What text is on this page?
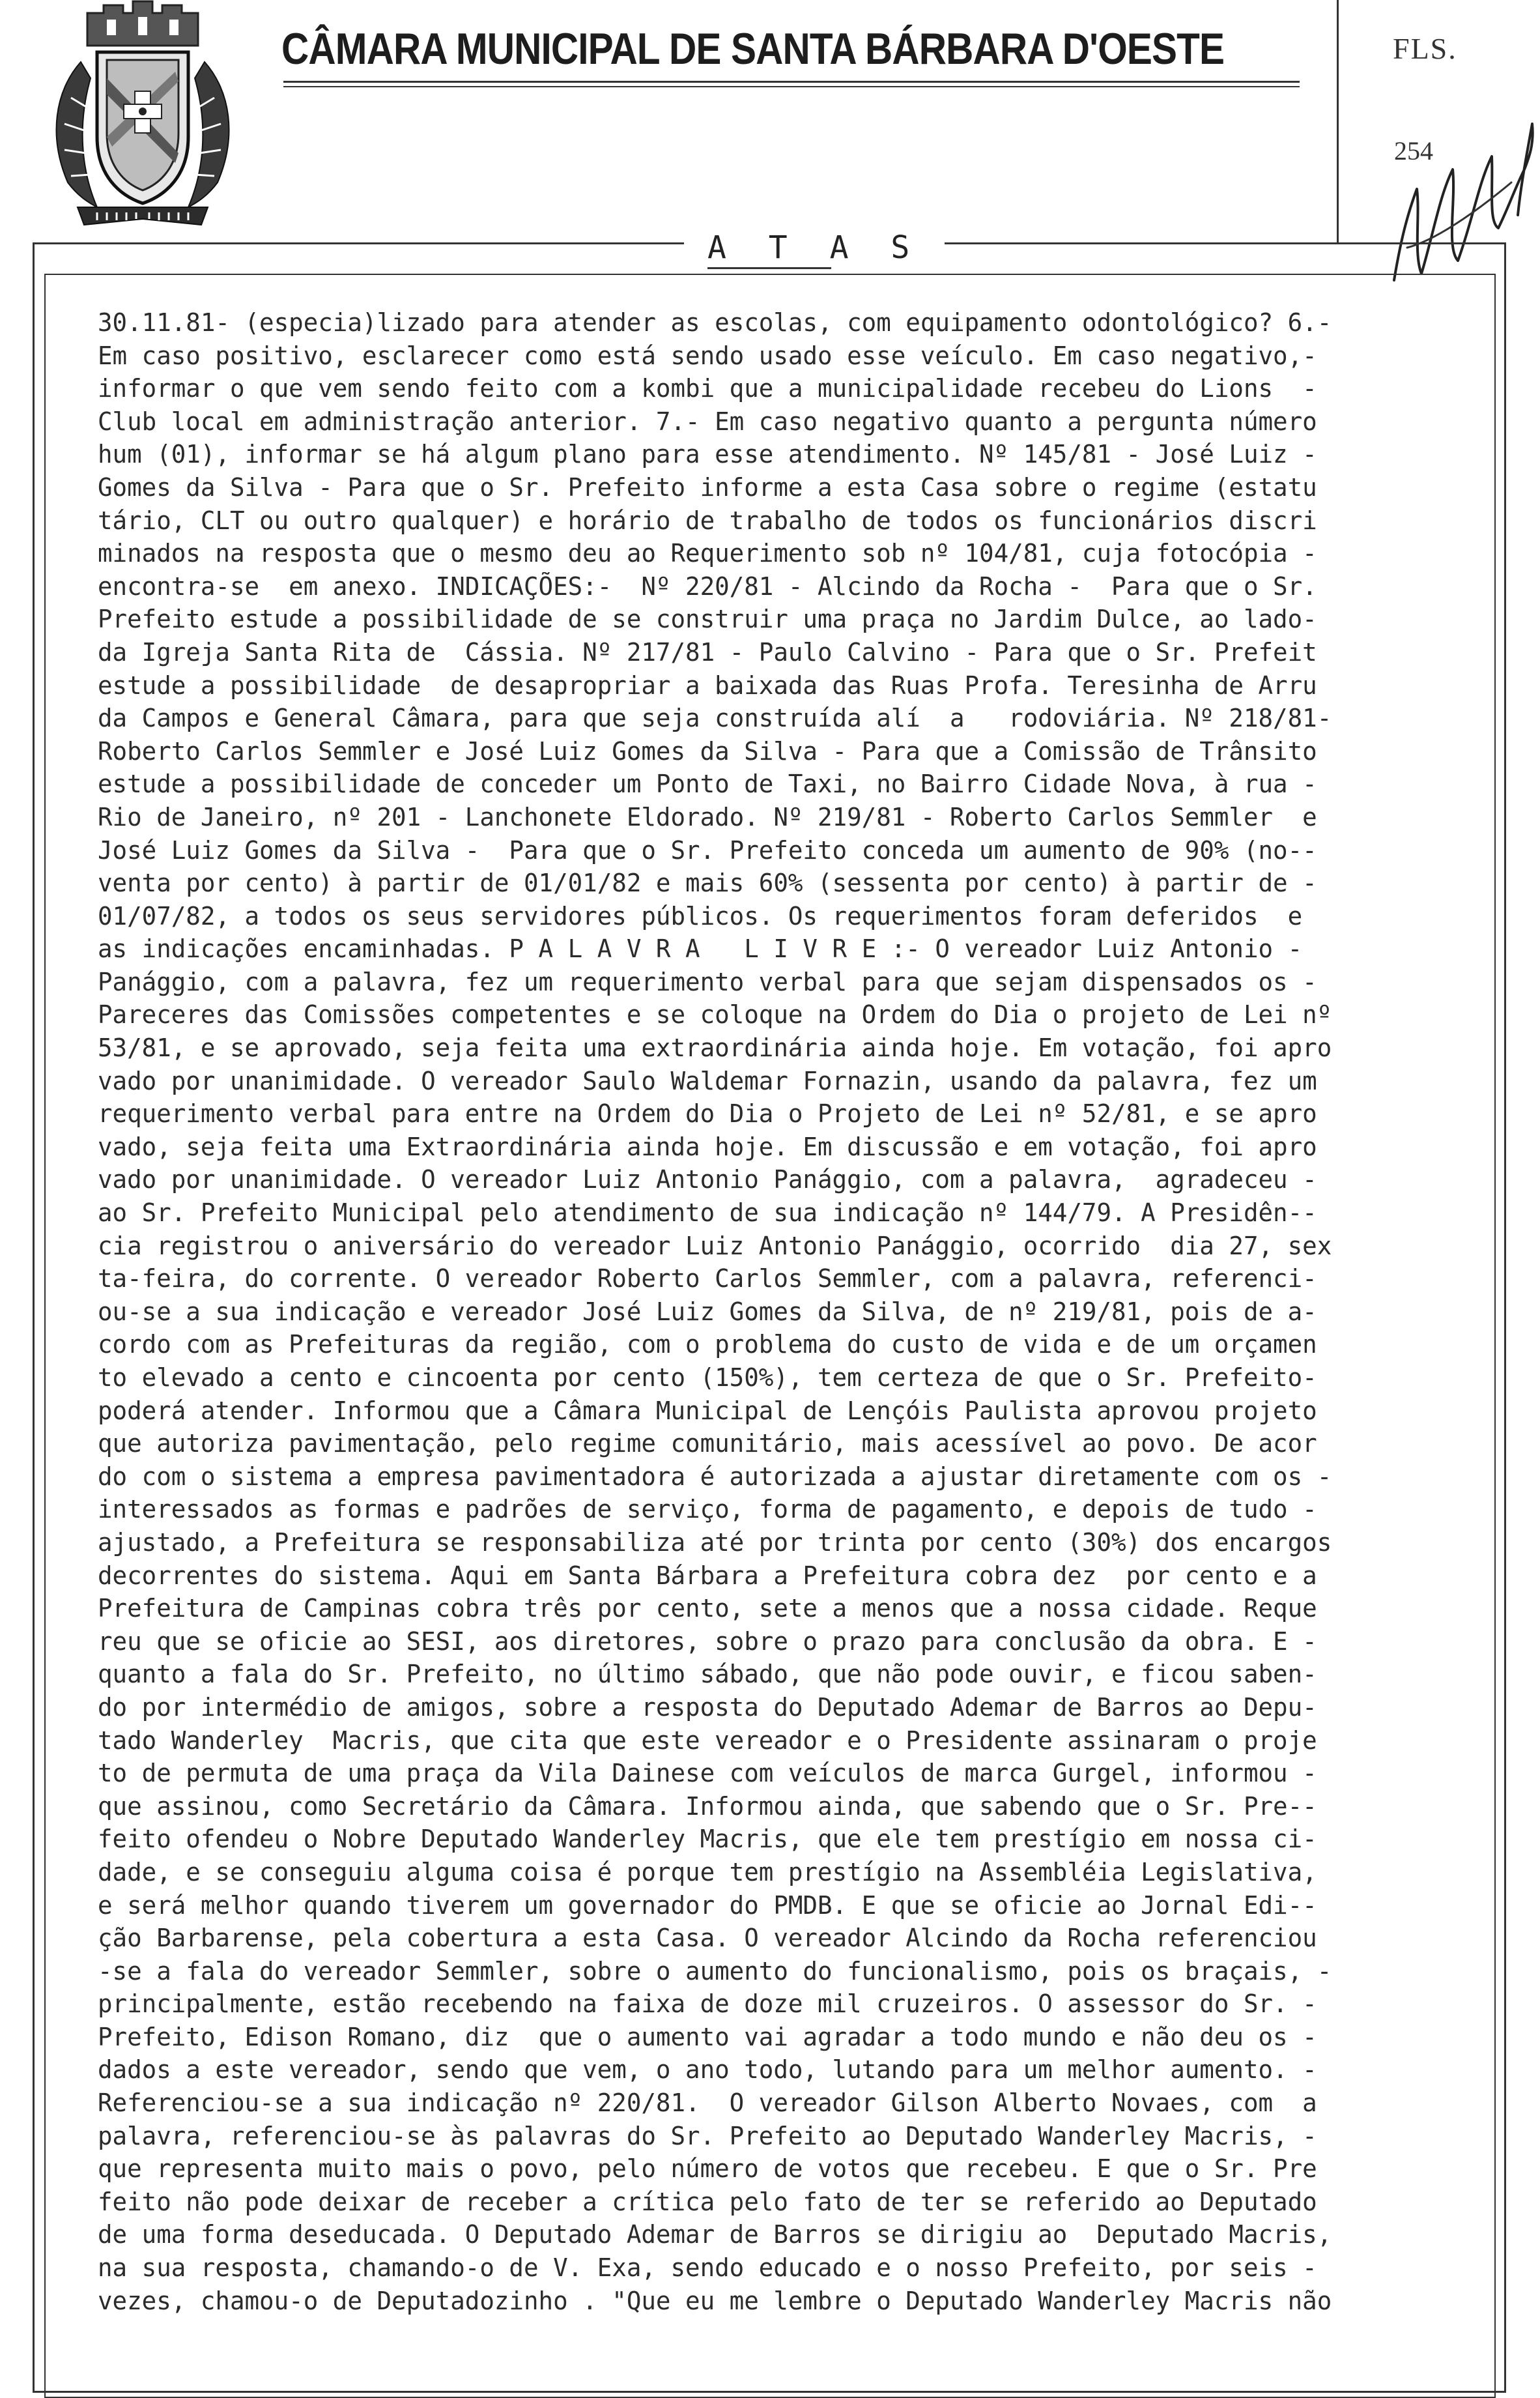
CÂMARA MUNICIPAL DE SANTA BÁRBARA D'OESTE	FLS.
254
A T A S
30.11.81- (especia)lizado para atender as escolas, com equipamento odontológico? 6.-
Em caso positivo, esclarecer como está sendo usado esse veículo. Em caso negativo,-
informar o que vem sendo feito com a kombi que a municipalidade recebeu do Lions  -
Club local em administração anterior. 7.- Em caso negativo quanto a pergunta número
hum (01), informar se há algum plano para esse atendimento. Nº 145/81 - José Luiz -
Gomes da Silva - Para que o Sr. Prefeito informe a esta Casa sobre o regime (estatu
tário, CLT ou outro qualquer) e horário de trabalho de todos os funcionários discri
minados na resposta que o mesmo deu ao Requerimento sob nº 104/81, cuja fotocópia -
encontra-se  em anexo. INDICAÇÕES:-  Nº 220/81 - Alcindo da Rocha -  Para que o Sr.
Prefeito estude a possibilidade de se construir uma praça no Jardim Dulce, ao lado-
da Igreja Santa Rita de  Cássia. Nº 217/81 - Paulo Calvino - Para que o Sr. Prefeit
estude a possibilidade  de desapropriar a baixada das Ruas Profa. Teresinha de Arru
da Campos e General Câmara, para que seja construída alí  a   rodoviária. Nº 218/81-
Roberto Carlos Semmler e José Luiz Gomes da Silva - Para que a Comissão de Trânsito
estude a possibilidade de conceder um Ponto de Taxi, no Bairro Cidade Nova, à rua -
Rio de Janeiro, nº 201 - Lanchonete Eldorado. Nº 219/81 - Roberto Carlos Semmler  e
José Luiz Gomes da Silva -  Para que o Sr. Prefeito conceda um aumento de 90% (no--
venta por cento) à partir de 01/01/82 e mais 60% (sessenta por cento) à partir de -
01/07/82, a todos os seus servidores públicos. Os requerimentos foram deferidos  e
as indicações encaminhadas. P A L A V R A   L I V R E :- O vereador Luiz Antonio -
Panággio, com a palavra, fez um requerimento verbal para que sejam dispensados os -
Pareceres das Comissões competentes e se coloque na Ordem do Dia o projeto de Lei nº
53/81, e se aprovado, seja feita uma extraordinária ainda hoje. Em votação, foi apro
vado por unanimidade. O vereador Saulo Waldemar Fornazin, usando da palavra, fez um
requerimento verbal para entre na Ordem do Dia o Projeto de Lei nº 52/81, e se apro
vado, seja feita uma Extraordinária ainda hoje. Em discussão e em votação, foi apro
vado por unanimidade. O vereador Luiz Antonio Panággio, com a palavra,  agradeceu -
ao Sr. Prefeito Municipal pelo atendimento de sua indicação nº 144/79. A Presidên--
cia registrou o aniversário do vereador Luiz Antonio Panággio, ocorrido  dia 27, sex
ta-feira, do corrente. O vereador Roberto Carlos Semmler, com a palavra, referenci-
ou-se a sua indicação e vereador José Luiz Gomes da Silva, de nº 219/81, pois de a-
cordo com as Prefeituras da região, com o problema do custo de vida e de um orçamen
to elevado a cento e cincoenta por cento (150%), tem certeza de que o Sr. Prefeito-
poderá atender. Informou que a Câmara Municipal de Lençóis Paulista aprovou projeto
que autoriza pavimentação, pelo regime comunitário, mais acessível ao povo. De acor
do com o sistema a empresa pavimentadora é autorizada a ajustar diretamente com os -
interessados as formas e padrões de serviço, forma de pagamento, e depois de tudo -
ajustado, a Prefeitura se responsabiliza até por trinta por cento (30%) dos encargos
decorrentes do sistema. Aqui em Santa Bárbara a Prefeitura cobra dez  por cento e a
Prefeitura de Campinas cobra três por cento, sete a menos que a nossa cidade. Reque
reu que se oficie ao SESI, aos diretores, sobre o prazo para conclusão da obra. E -
quanto a fala do Sr. Prefeito, no último sábado, que não pode ouvir, e ficou saben-
do por intermédio de amigos, sobre a resposta do Deputado Ademar de Barros ao Depu-
tado Wanderley  Macris, que cita que este vereador e o Presidente assinaram o proje
to de permuta de uma praça da Vila Dainese com veículos de marca Gurgel, informou -
que assinou, como Secretário da Câmara. Informou ainda, que sabendo que o Sr. Pre--
feito ofendeu o Nobre Deputado Wanderley Macris, que ele tem prestígio em nossa ci-
dade, e se conseguiu alguma coisa é porque tem prestígio na Assembléia Legislativa,
e será melhor quando tiverem um governador do PMDB. E que se oficie ao Jornal Edi--
ção Barbarense, pela cobertura a esta Casa. O vereador Alcindo da Rocha referenciou
-se a fala do vereador Semmler, sobre o aumento do funcionalismo, pois os braçais, -
principalmente, estão recebendo na faixa de doze mil cruzeiros. O assessor do Sr. -
Prefeito, Edison Romano, diz  que o aumento vai agradar a todo mundo e não deu os -
dados a este vereador, sendo que vem, o ano todo, lutando para um melhor aumento. -
Referenciou-se a sua indicação nº 220/81.  O vereador Gilson Alberto Novaes, com  a
palavra, referenciou-se às palavras do Sr. Prefeito ao Deputado Wanderley Macris, -
que representa muito mais o povo, pelo número de votos que recebeu. E que o Sr. Pre
feito não pode deixar de receber a crítica pelo fato de ter se referido ao Deputado
de uma forma deseducada. O Deputado Ademar de Barros se dirigiu ao  Deputado Macris,
na sua resposta, chamando-o de V. Exa, sendo educado e o nosso Prefeito, por seis -
vezes, chamou-o de Deputadozinho . "Que eu me lembre o Deputado Wanderley Macris não
